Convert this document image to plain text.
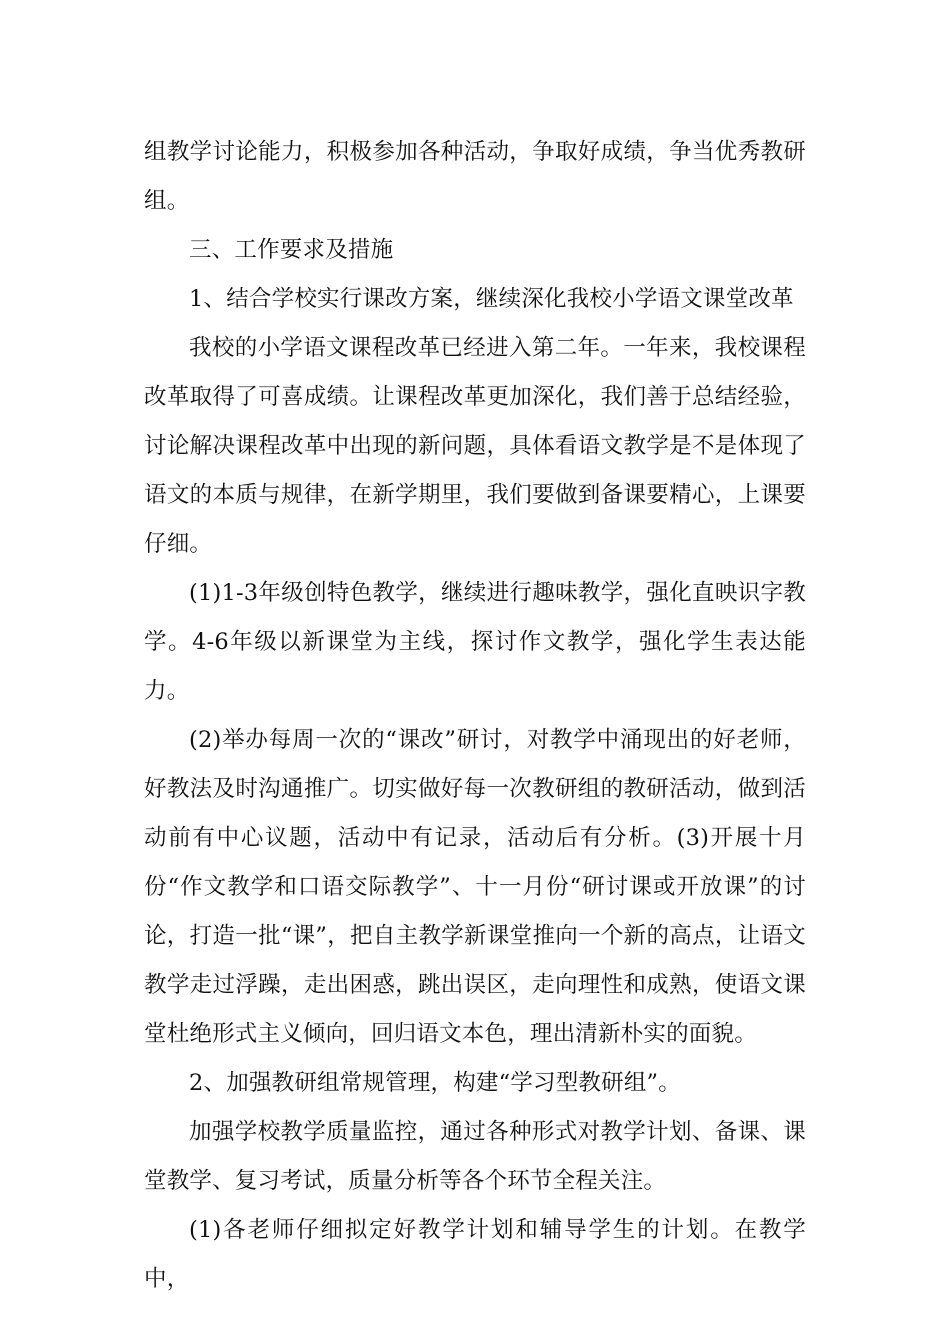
组教学讨论能力，积极参加各种活动，争取好成绩，争当优秀教研组。

三、工作要求及措施

1、结合学校实行课改方案，继续深化我校小学语文课堂改革

我校的小学语文课程改革已经进入第二年。一年来，我校课程改革取得了可喜成绩。让课程改革更加深化，我们善于总结经验，讨论解决课程改革中出现的新问题，具体看语文教学是不是体现了语文的本质与规律，在新学期里，我们要做到备课要精心，上课要仔细。

(1)1-3年级创特色教学，继续进行趣味教学，强化直映识字教学。4-6年级以新课堂为主线，探讨作文教学，强化学生表达能力。

(2)举办每周一次的“课改”研讨，对教学中涌现出的好老师，好教法及时沟通推广。切实做好每一次教研组的教研活动，做到活动前有中心议题，活动中有记录，活动后有分析。(3)开展十月份“作文教学和口语交际教学”、十一月份“研讨课或开放课”的讨论，打造一批“课”，把自主教学新课堂推向一个新的高点，让语文教学走过浮躁，走出困惑，跳出误区，走向理性和成熟，使语文课堂杜绝形式主义倾向，回归语文本色，理出清新朴实的面貌。

2、加强教研组常规管理，构建“学习型教研组”。

加强学校教学质量监控，通过各种形式对教学计划、备课、课堂教学、复习考试，质量分析等各个环节全程关注。

(1)各老师仔细拟定好教学计划和辅导学生的计划。在教学中，
